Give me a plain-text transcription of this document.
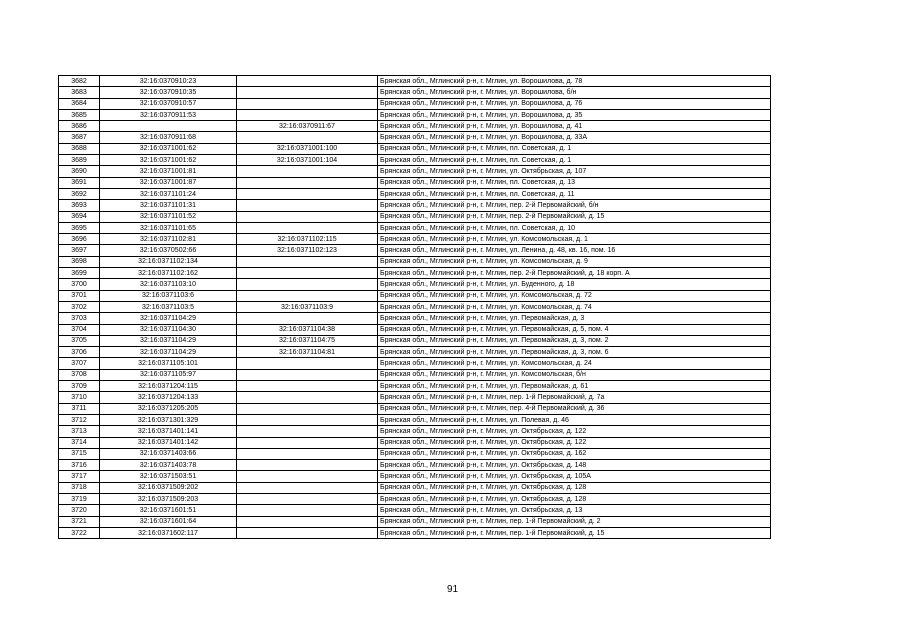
3682	32:16:0370910:23		Брянская обл., Мглинский р-н, г. Мглин, ул. Ворошилова, д. 78
3683	32:16:0370910:35		Брянская обл., Мглинский р-н, г. Мглин, ул. Ворошилова, б/н
3684	32:16:0370910:57		Брянская обл., Мглинский р-н, г. Мглин, ул. Ворошилова, д. 76
3685	32:16:0370911:53		Брянская обл., Мглинский р-н, г. Мглин, ул. Ворошилова, д. 35
3686		32:16:0370911:67	Брянская обл., Мглинский р-н, г. Мглин, ул. Ворошилова, д. 41
3687	32:16:0370911:68		Брянская обл., Мглинский р-н, г. Мглин, ул. Ворошилова, д. 33А
3688	32:16:0371001:62	32:16:0371001:100	Брянская обл., Мглинский р-н, г. Мглин, пл. Советская, д. 1
3689	32:16:0371001:62	32:16:0371001:104	Брянская обл., Мглинский р-н, г. Мглин, пл. Советская, д. 1
3690	32:16:0371001:81		Брянская обл., Мглинский р-н, г. Мглин, ул. Октябрьская, д. 107
3691	32:16:0371001:87		Брянская обл., Мглинский р-н, г. Мглин, пл. Советская, д. 13
3692	32:16:0371101:24		Брянская обл., Мглинский р-н, г. Мглин, пл. Советская, д. 11
3693	32:16:0371101:31		Брянская обл., Мглинский р-н, г. Мглин, пер. 2-й Первомайский, б/н
3694	32:16:0371101:52		Брянская обл., Мглинский р-н, г. Мглин, пер. 2-й Первомайский, д. 15
3695	32:16:0371101:65		Брянская обл., Мглинский р-н, г. Мглин, пл. Советская, д. 10
3696	32:16:0371102:81	32:16:0371102:115	Брянская обл., Мглинский р-н, г. Мглин, ул. Комсомольская, д. 1
3697	32:16:0370502:66	32:16:0371102:123	Брянская обл., Мглинский р-н, г. Мглин, ул. Ленина, д. 48, кв. 16, пом. 16
3698	32:16:0371102:134		Брянская обл., Мглинский р-н, г. Мглин, ул. Комсомольская, д. 9
3699	32:16:0371102:162		Брянская обл., Мглинский р-н, г. Мглин, пер. 2-й Первомайский, д. 18 корп. А
3700	32:16:0371103:10		Брянская обл., Мглинский р-н, г. Мглин, ул. Буденного, д. 18
3701	32:16:0371103:6		Брянская обл., Мглинский р-н, г. Мглин, ул. Комсомольская, д. 72
3702	32:16:0371103:5	32:16:0371103:9	Брянская обл., Мглинский р-н, г. Мглин, ул. Комсомольская, д. 74
3703	32:16:0371104:29		Брянская обл., Мглинский р-н, г. Мглин, ул. Первомайская, д. 3
3704	32:16:0371104:30	32:16:0371104:38	Брянская обл., Мглинский р-н, г. Мглин, ул. Первомайская, д. 5, пом. 4
3705	32:16:0371104:29	32:16:0371104:75	Брянская обл., Мглинский р-н, г. Мглин, ул. Первомайская, д. 3, пом. 2
3706	32:16:0371104:29	32:16:0371104:81	Брянская обл., Мглинский р-н, г. Мглин, ул. Первомайская, д. 3, пом. 6
3707	32:16:0371105:101		Брянская обл., Мглинский р-н, г. Мглин, ул. Комсомольская, д. 24
3708	32:16:0371105:97		Брянская обл., Мглинский р-н, г. Мглин, ул. Комсомольская, б/н
3709	32:16:0371204:115		Брянская обл., Мглинский р-н, г. Мглин, ул. Первомайская, д. 61
3710	32:16:0371204:133		Брянская обл., Мглинский р-н, г. Мглин, пер. 1-й Первомайский, д. 7а
3711	32:16:0371205:205		Брянская обл., Мглинский р-н, г. Мглин, пер. 4-й Первомайский, д. 36
3712	32:16:0371301:329		Брянская обл., Мглинский р-н, г. Мглин, ул. Полевая, д. 46
3713	32:16:0371401:141		Брянская обл., Мглинский р-н, г. Мглин, ул. Октябрьская, д. 122
3714	32:16:0371401:142		Брянская обл., Мглинский р-н, г. Мглин, ул. Октябрьская, д. 122
3715	32:16:0371403:66		Брянская обл., Мглинский р-н, г. Мглин, ул. Октябрьская, д. 162
3716	32:16:0371403:78		Брянская обл., Мглинский р-н, г. Мглин, ул. Октябрьская, д. 148
3717	32:16:0371503:51		Брянская обл., Мглинский р-н, г. Мглин, ул. Октябрьская, д. 105А
3718	32:16:0371509:202		Брянская обл., Мглинский р-н, г. Мглин, ул. Октябрьская, д. 128
3719	32:16:0371509:203		Брянская обл., Мглинский р-н, г. Мглин, ул. Октябрьская, д. 128
3720	32:16:0371601:51		Брянская обл., Мглинский р-н, г. Мглин, ул. Октябрьская, д. 13
3721	32:16:0371601:64		Брянская обл., Мглинский р-н, г. Мглин, пер. 1-й Первомайский, д. 2
3722	32:16:0371602:117		Брянская обл., Мглинский р-н, г. Мглин, пер. 1-й Первомайский, д. 15
91
